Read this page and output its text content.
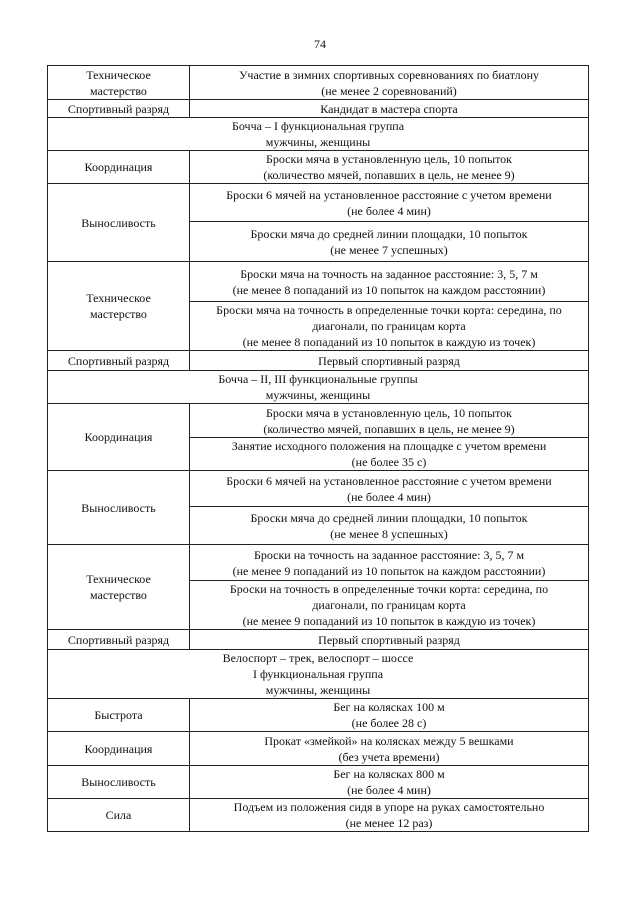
74
Техническое
мастерство	Участие в зимних спортивных соревнованиях по биатлону
(не менее 2 соревнований)

Спортивный разряд	Кандидат в мастера спорта

Бочча – I функциональная группа
мужчины, женщины	

Координация	Броски мяча в установленную цель, 10 попыток
(количество мячей, попавших в цель, не менее 9)

Выносливость	Броски 6 мячей на установленное расстояние с учетом времени
(не более 4 мин)

	Броски мяча до средней линии площадки, 10 попыток
(не менее 7 успешных)

Техническое
мастерство	Броски мяча на точность на заданное расстояние: 3, 5, 7 м
(не менее 8 попаданий из 10 попыток на каждом расстоянии)

	Броски мяча на точность в определенные точки корта: середина, по
диагонали, по границам корта
(не менее 8 попаданий из 10 попыток в каждую из точек)

Спортивный разряд	Первый спортивный разряд

Бочча – II, III функциональные группы
мужчины, женщины	

Координация	Броски мяча в установленную цель, 10 попыток
(количество мячей, попавших в цель, не менее 9)

	Занятие исходного положения на площадке с учетом времени
(не более 35 с)

Выносливость	Броски 6 мячей на установленное расстояние с учетом времени
(не более 4 мин)

	Броски мяча до средней линии площадки, 10 попыток
(не менее 8 успешных)

Техническое
мастерство	Броски на точность на заданное расстояние: 3, 5, 7 м
(не менее 9 попаданий из 10 попыток на каждом расстоянии)

	Броски на точность в определенные точки корта: середина, по
диагонали, по границам корта
(не менее 9 попаданий из 10 попыток в каждую из точек)

Спортивный разряд	Первый спортивный разряд

Велоспорт – трек, велоспорт – шоссе
I функциональная группа
мужчины, женщины	

Быстрота	Бег на колясках 100 м
(не более 28 с)

Координация	Прокат «змейкой» на колясках между 5 вешками
(без учета времени)

Выносливость	Бег на колясках 800 м
(не более 4 мин)

Сила	Подъем из положения сидя в упоре на руках самостоятельно
(не менее 12 раз)
